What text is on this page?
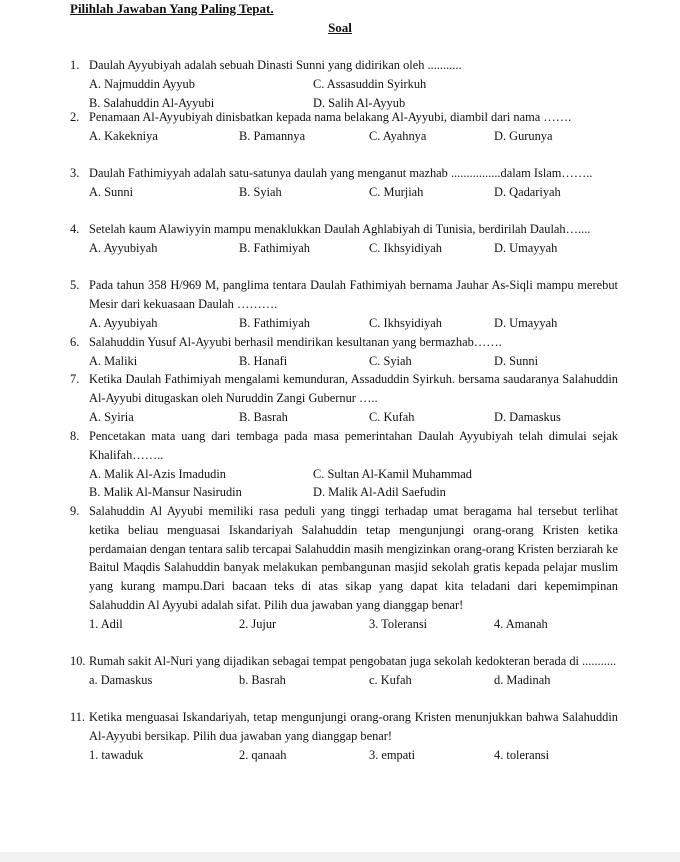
Pilihlah Jawaban Yang Paling Tepat.
Soal
1. Daulah Ayyubiyah adalah sebuah Dinasti Sunni yang didirikan oleh ...........
A. Najmuddin Ayyub	C. Assasuddin Syirkuh
B. Salahuddin Al-Ayyubi	D. Salih Al-Ayyub
2. Penamaan Al-Ayyubiyah dinisbatkan kepada nama belakang Al-Ayyubi, diambil dari nama …….
A. Kakekniya	B. Pamannya	C. Ayahnya	D. Gurunya
3. Daulah Fathimiyyah adalah satu-satunya daulah yang menganut mazhab ................dalam Islam……..
A. Sunni	B. Syiah	C. Murjiah	D. Qadariyah
4. Setelah kaum Alawiyyin mampu menaklukkan Daulah Aghlabiyah di Tunisia, berdirilah Daulah…....
A. Ayyubiyah	B. Fathimiyah	C. Ikhsyidiyah	D. Umayyah
5. Pada tahun 358 H/969 M, panglima tentara Daulah Fathimiyah bernama Jauhar As-Siqli mampu merebut Mesir dari kekuasaan Daulah ……….
A. Ayyubiyah	B. Fathimiyah	C. Ikhsyidiyah	D. Umayyah
6. Salahuddin Yusuf Al-Ayyubi berhasil mendirikan kesultanan yang bermazhab…….
A. Maliki	B. Hanafi	C. Syiah	D. Sunni
7. Ketika Daulah Fathimiyah mengalami kemunduran, Assaduddin Syirkuh. bersama saudaranya Salahuddin Al-Ayyubi ditugaskan oleh Nuruddin Zangi Gubernur …..
A. Syiria	B. Basrah	C. Kufah	D. Damaskus
8. Pencetakan mata uang dari tembaga pada masa pemerintahan Daulah Ayyubiyah telah dimulai sejak Khalifah……..
A. Malik Al-Azis Imadudin	C. Sultan Al-Kamil Muhammad
B. Malik Al-Mansur Nasirudin	D. Malik Al-Adil Saefudin
9. Salahuddin Al Ayyubi memiliki rasa peduli yang tinggi terhadap umat beragama hal tersebut terlihat ketika beliau menguasai Iskandariyah Salahuddin tetap mengunjungi orang-orang Kristen ketika perdamaian dengan tentara salib tercapai Salahuddin masih mengizinkan orang-orang Kristen berziarah ke Baitul Maqdis Salahuddin banyak melakukan pembangunan masjid sekolah gratis kepada pelajar muslim yang kurang mampu.Dari bacaan teks di atas sikap yang dapat kita teladani dari kepemimpinan Salahuddin Al Ayyubi adalah sifat. Pilih dua jawaban yang dianggap benar!
1. Adil	2. Jujur	3. Toleransi	4. Amanah
10. Rumah sakit Al-Nuri yang dijadikan sebagai tempat pengobatan juga sekolah kedokteran berada di ...........
a. Damaskus	b. Basrah	c. Kufah	d. Madinah
11. Ketika menguasai Iskandariyah, tetap mengunjungi orang-orang Kristen menunjukkan bahwa Salahuddin Al-Ayyubi bersikap. Pilih dua jawaban yang dianggap benar!
1. tawaduk	2. qanaah	3. empati	4. toleransi
